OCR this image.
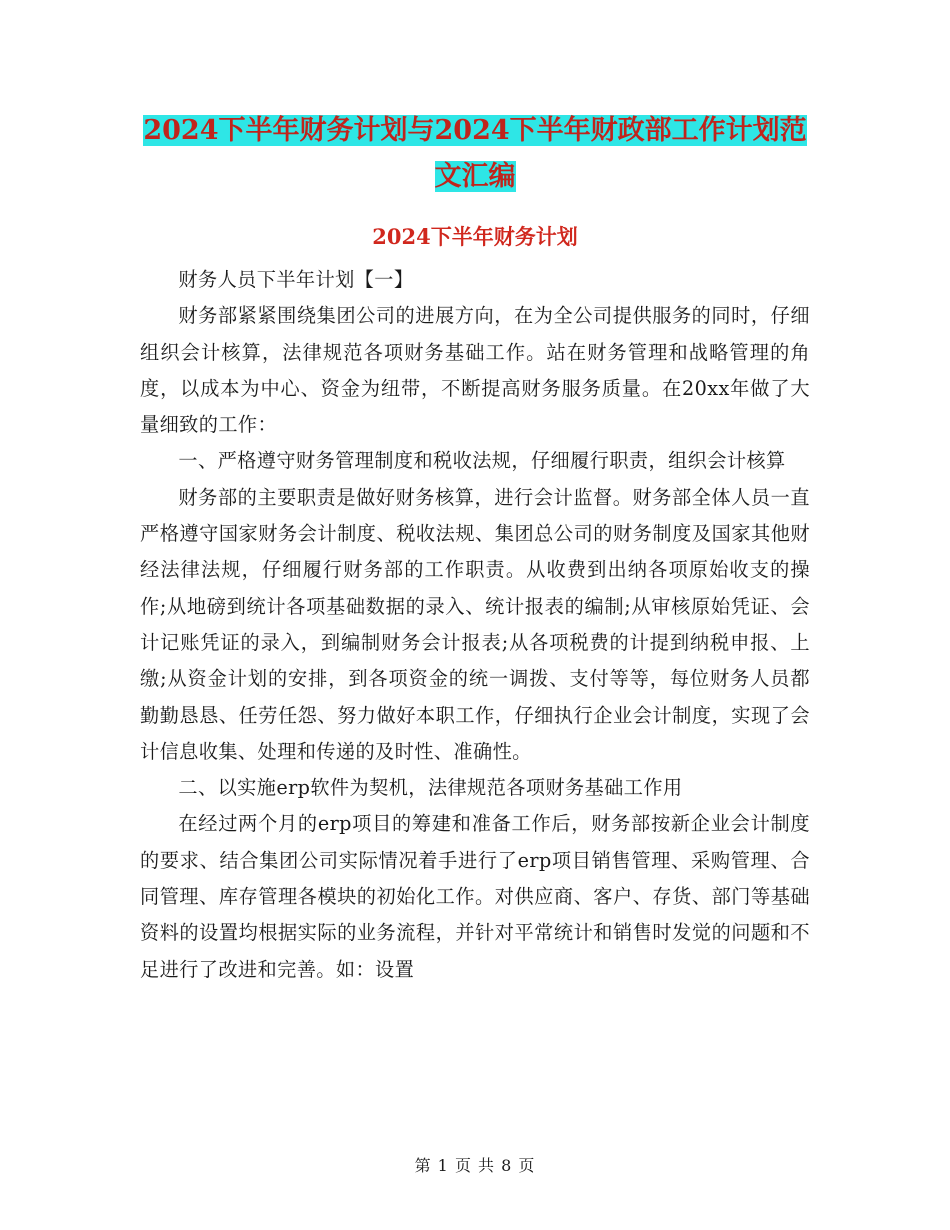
2024下半年财务计划与2024下半年财政部工作计划范
文汇编
2024下半年财务计划

财务人员下半年计划【一】

财务部紧紧围绕集团公司的进展方向，在为全公司提供服务的同时，仔细组织会计核算，法律规范各项财务基础工作。站在财务管理和战略管理的角度，以成本为中心、资金为纽带，不断提高财务服务质量。在20xx年做了大量细致的工作：

一、严格遵守财务管理制度和税收法规，仔细履行职责，组织会计核算

财务部的主要职责是做好财务核算，进行会计监督。财务部全体人员一直严格遵守国家财务会计制度、税收法规、集团总公司的财务制度及国家其他财经法律法规，仔细履行财务部的工作职责。从收费到出纳各项原始收支的操作;从地磅到统计各项基础数据的录入、统计报表的编制;从审核原始凭证、会计记账凭证的录入，到编制财务会计报表;从各项税费的计提到纳税申报、上缴;从资金计划的安排，到各项资金的统一调拨、支付等等，每位财务人员都勤勤恳恳、任劳任怨、努力做好本职工作，仔细执行企业会计制度，实现了会计信息收集、处理和传递的及时性、准确性。

二、以实施erp软件为契机，法律规范各项财务基础工作用

在经过两个月的erp项目的筹建和准备工作后，财务部按新企业会计制度的要求、结合集团公司实际情况着手进行了erp项目销售管理、采购管理、合同管理、库存管理各模块的初始化工作。对供应商、客户、存货、部门等基础资料的设置均根据实际的业务流程，并针对平常统计和销售时发觉的问题和不足进行了改进和完善。如：设置

第 1 页 共 8 页
